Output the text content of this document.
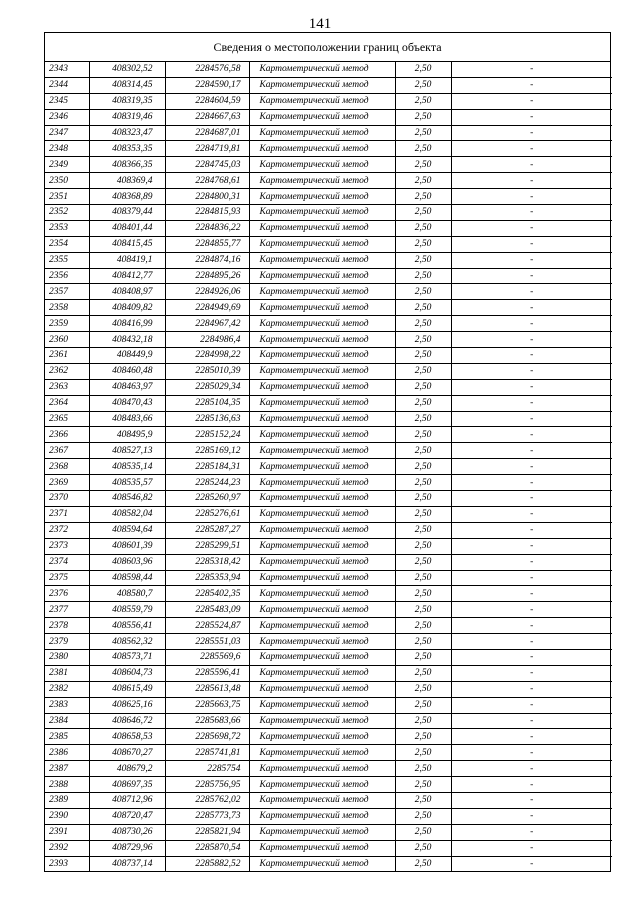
141
Сведения о местоположении границ объекта
2343	408302,52	2284576,58	Картометрический метод	2,50	-
2344	408314,45	2284590,17	Картометрический метод	2,50	-
2345	408319,35	2284604,59	Картометрический метод	2,50	-
2346	408319,46	2284667,63	Картометрический метод	2,50	-
2347	408323,47	2284687,01	Картометрический метод	2,50	-
2348	408353,35	2284719,81	Картометрический метод	2,50	-
2349	408366,35	2284745,03	Картометрический метод	2,50	-
2350	408369,4	2284768,61	Картометрический метод	2,50	-
2351	408368,89	2284800,31	Картометрический метод	2,50	-
2352	408379,44	2284815,93	Картометрический метод	2,50	-
2353	408401,44	2284836,22	Картометрический метод	2,50	-
2354	408415,45	2284855,77	Картометрический метод	2,50	-
2355	408419,1	2284874,16	Картометрический метод	2,50	-
2356	408412,77	2284895,26	Картометрический метод	2,50	-
2357	408408,97	2284926,06	Картометрический метод	2,50	-
2358	408409,82	2284949,69	Картометрический метод	2,50	-
2359	408416,99	2284967,42	Картометрический метод	2,50	-
2360	408432,18	2284986,4	Картометрический метод	2,50	-
2361	408449,9	2284998,22	Картометрический метод	2,50	-
2362	408460,48	2285010,39	Картометрический метод	2,50	-
2363	408463,97	2285029,34	Картометрический метод	2,50	-
2364	408470,43	2285104,35	Картометрический метод	2,50	-
2365	408483,66	2285136,63	Картометрический метод	2,50	-
2366	408495,9	2285152,24	Картометрический метод	2,50	-
2367	408527,13	2285169,12	Картометрический метод	2,50	-
2368	408535,14	2285184,31	Картометрический метод	2,50	-
2369	408535,57	2285244,23	Картометрический метод	2,50	-
2370	408546,82	2285260,97	Картометрический метод	2,50	-
2371	408582,04	2285276,61	Картометрический метод	2,50	-
2372	408594,64	2285287,27	Картометрический метод	2,50	-
2373	408601,39	2285299,51	Картометрический метод	2,50	-
2374	408603,96	2285318,42	Картометрический метод	2,50	-
2375	408598,44	2285353,94	Картометрический метод	2,50	-
2376	408580,7	2285402,35	Картометрический метод	2,50	-
2377	408559,79	2285483,09	Картометрический метод	2,50	-
2378	408556,41	2285524,87	Картометрический метод	2,50	-
2379	408562,32	2285551,03	Картометрический метод	2,50	-
2380	408573,71	2285569,6	Картометрический метод	2,50	-
2381	408604,73	2285596,41	Картометрический метод	2,50	-
2382	408615,49	2285613,48	Картометрический метод	2,50	-
2383	408625,16	2285663,75	Картометрический метод	2,50	-
2384	408646,72	2285683,66	Картометрический метод	2,50	-
2385	408658,53	2285698,72	Картометрический метод	2,50	-
2386	408670,27	2285741,81	Картометрический метод	2,50	-
2387	408679,2	2285754	Картометрический метод	2,50	-
2388	408697,35	2285756,95	Картометрический метод	2,50	-
2389	408712,96	2285762,02	Картометрический метод	2,50	-
2390	408720,47	2285773,73	Картометрический метод	2,50	-
2391	408730,26	2285821,94	Картометрический метод	2,50	-
2392	408729,96	2285870,54	Картометрический метод	2,50	-
2393	408737,14	2285882,52	Картометрический метод	2,50	-
